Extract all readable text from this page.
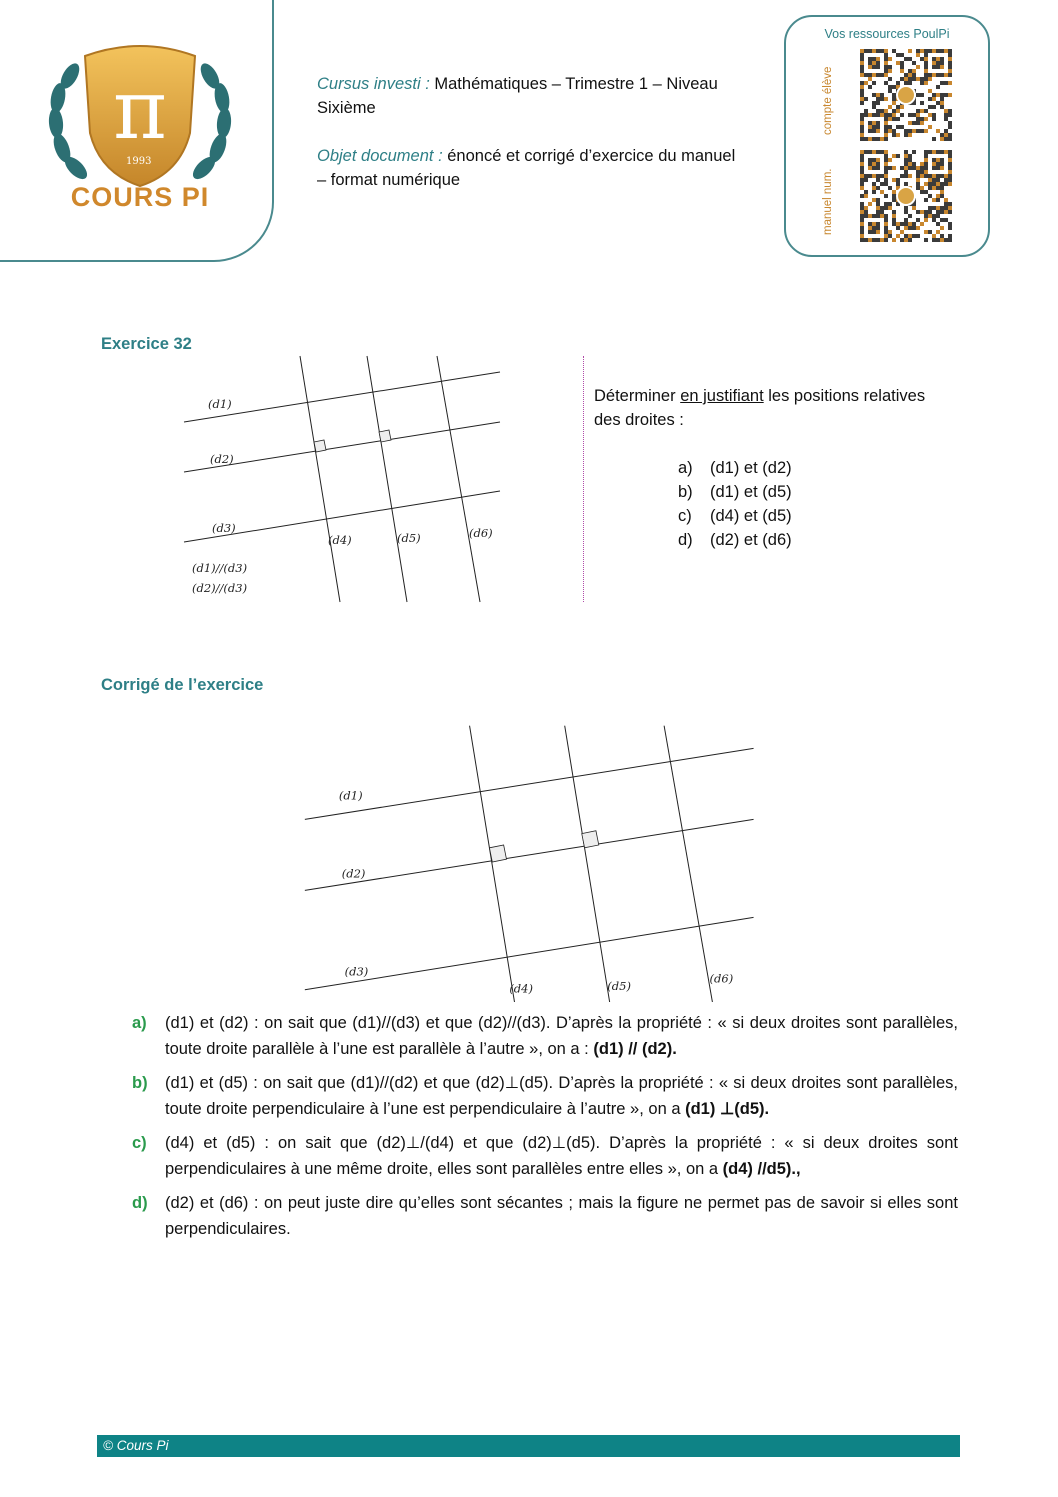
π
1993
COURS PI

Cursus investi : Mathématiques – Trimestre 1 – Niveau Sixième

Objet document : énoncé et corrigé d’exercice du manuel – format numérique

Vos ressources PoulPi
compte élève
manuel num.
Exercice 32
(d1)
(d2)
(d3)
(d4)	(d5)	(d6)
(d1)//(d3)
(d2)//(d3)
Déterminer en justifiant les positions relatives des droites :
a)	(d1) et (d2)
b)	(d1) et (d5)
c)	(d4) et (d5)
d)	(d2) et (d6)
Corrigé de l’exercice
(d1)
(d2)
(d3)
(d4)	(d5)
(d6)
a)	(d1) et (d2) : on sait que (d1)//(d3) et que (d2)//(d3). D’après la propriété : « si deux droites sont parallèles, toute droite parallèle à l’une est parallèle à l’autre », on a : (d1) // (d2).
b)	(d1) et (d5) : on sait que (d1)//(d2) et que (d2)⊥(d5). D’après la propriété : « si deux droites sont parallèles, toute droite perpendiculaire à l’une est perpendiculaire à l’autre », on a (d1) ⊥(d5).
c)	(d4) et (d5) : on sait que (d2)⊥/(d4) et que (d2)⊥(d5). D’après la propriété : « si deux droites sont perpendiculaires à une même droite, elles sont parallèles entre elles », on a (d4) //d5).,
d)	(d2) et (d6) : on peut juste dire qu’elles sont sécantes ; mais la figure ne permet pas de savoir si elles sont perpendiculaires.
© Cours Pi
